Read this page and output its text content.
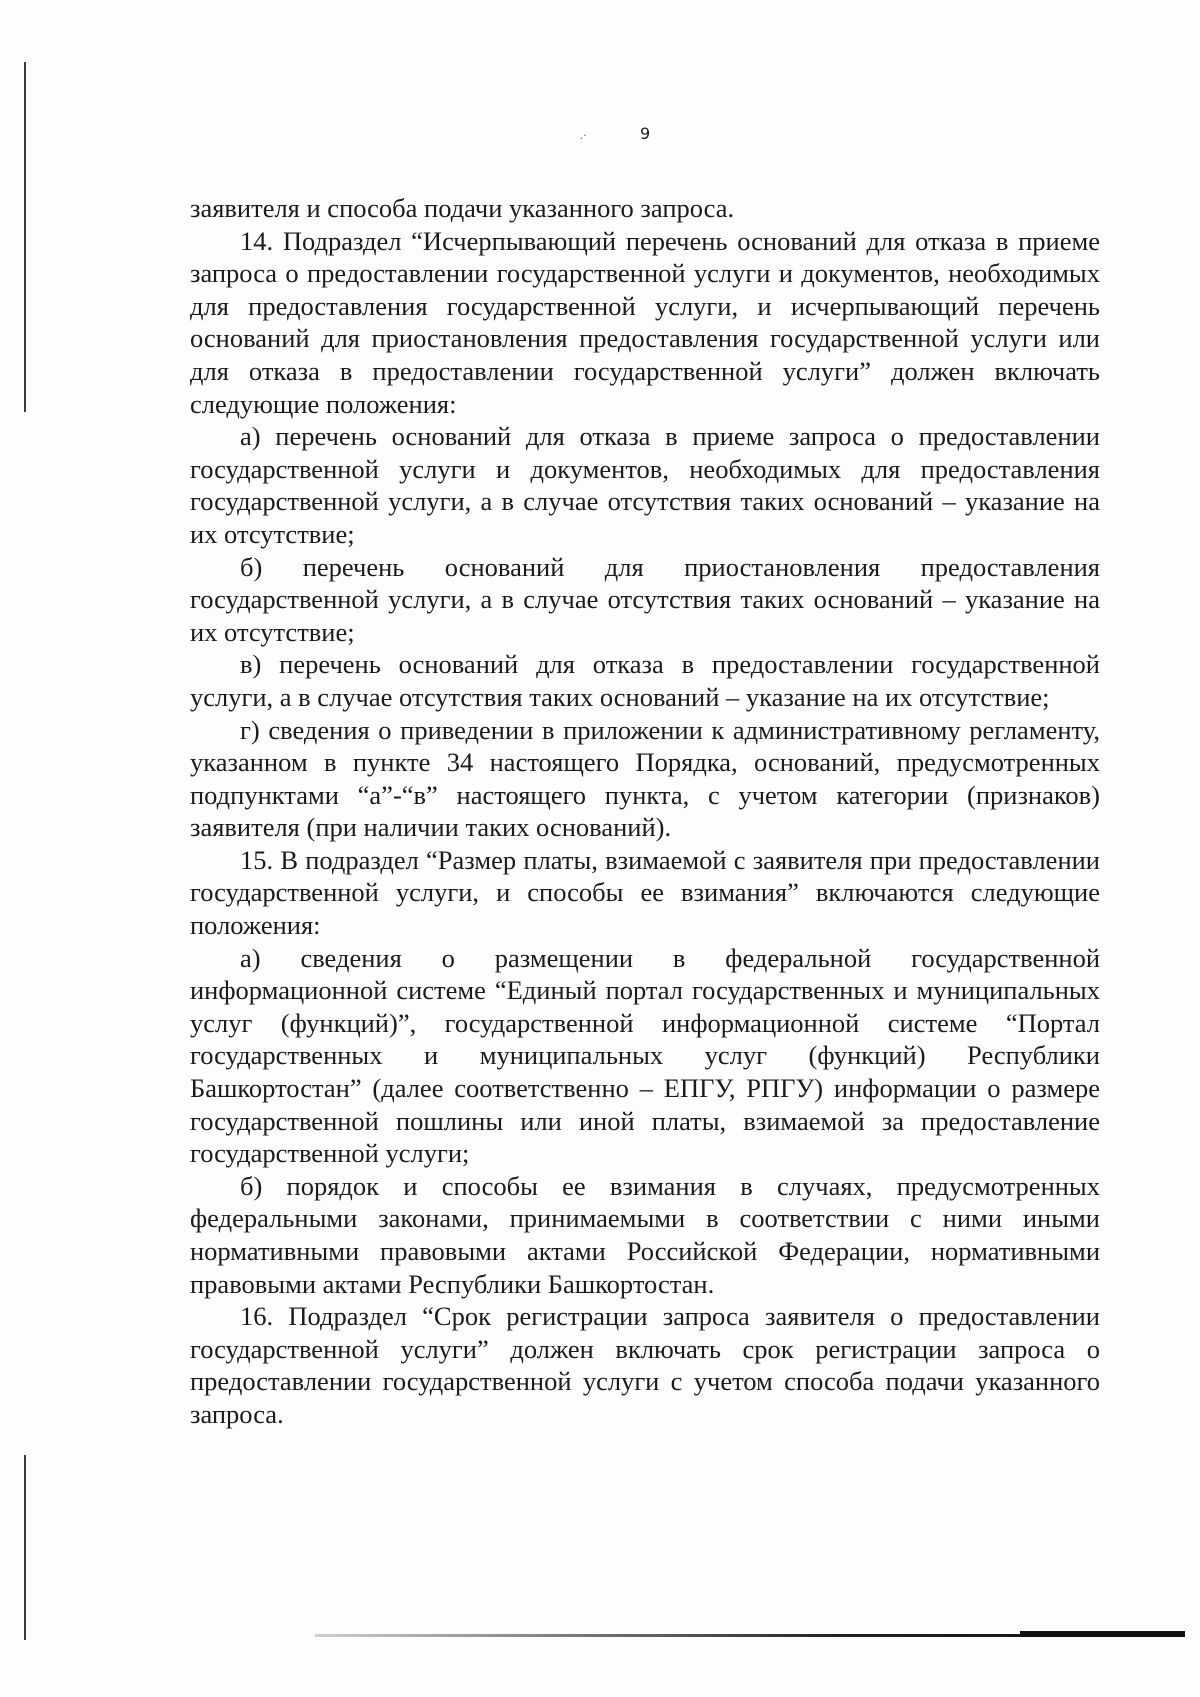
.·	9

заявителя и способа подачи указанного запроса.

14. Подраздел “Исчерпывающий перечень оснований для отказа в приеме запроса о предоставлении государственной услуги и документов, необходимых для предоставления государственной услуги, и исчерпывающий перечень оснований для приостановления предоставления государственной услуги или для отказа в предоставлении государственной услуги” должен включать следующие положения:

а) перечень оснований для отказа в приеме запроса о предоставлении государственной услуги и документов, необходимых для предоставления государственной услуги, а в случае отсутствия таких оснований – указание на их отсутствие;

б) перечень оснований для приостановления предоставления государственной услуги, а в случае отсутствия таких оснований – указание на их отсутствие;

в) перечень оснований для отказа в предоставлении государственной услуги, а в случае отсутствия таких оснований – указание на их отсутствие;

г) сведения о приведении в приложении к административному регламенту, указанном в пункте 34 настоящего Порядка, оснований, предусмотренных подпунктами “а”-“в” настоящего пункта, с учетом категории (признаков) заявителя (при наличии таких оснований).

15. В подраздел “Размер платы, взимаемой с заявителя при предоставлении государственной услуги, и способы ее взимания” включаются следующие положения:

а) сведения о размещении в федеральной государственной информационной системе “Единый портал государственных и муниципальных услуг (функций)”, государственной информационной системе “Портал государственных и муниципальных услуг (функций) Республики Башкортостан” (далее соответственно – ЕПГУ, РПГУ) информации о размере государственной пошлины или иной платы, взимаемой за предоставление государственной услуги;

б) порядок и способы ее взимания в случаях, предусмотренных федеральными законами, принимаемыми в соответствии с ними иными нормативными правовыми актами Российской Федерации, нормативными правовыми актами Республики Башкортостан.

16. Подраздел “Срок регистрации запроса заявителя о предоставлении государственной услуги” должен включать срок регистрации запроса о предоставлении государственной услуги с учетом способа подачи указанного запроса.
